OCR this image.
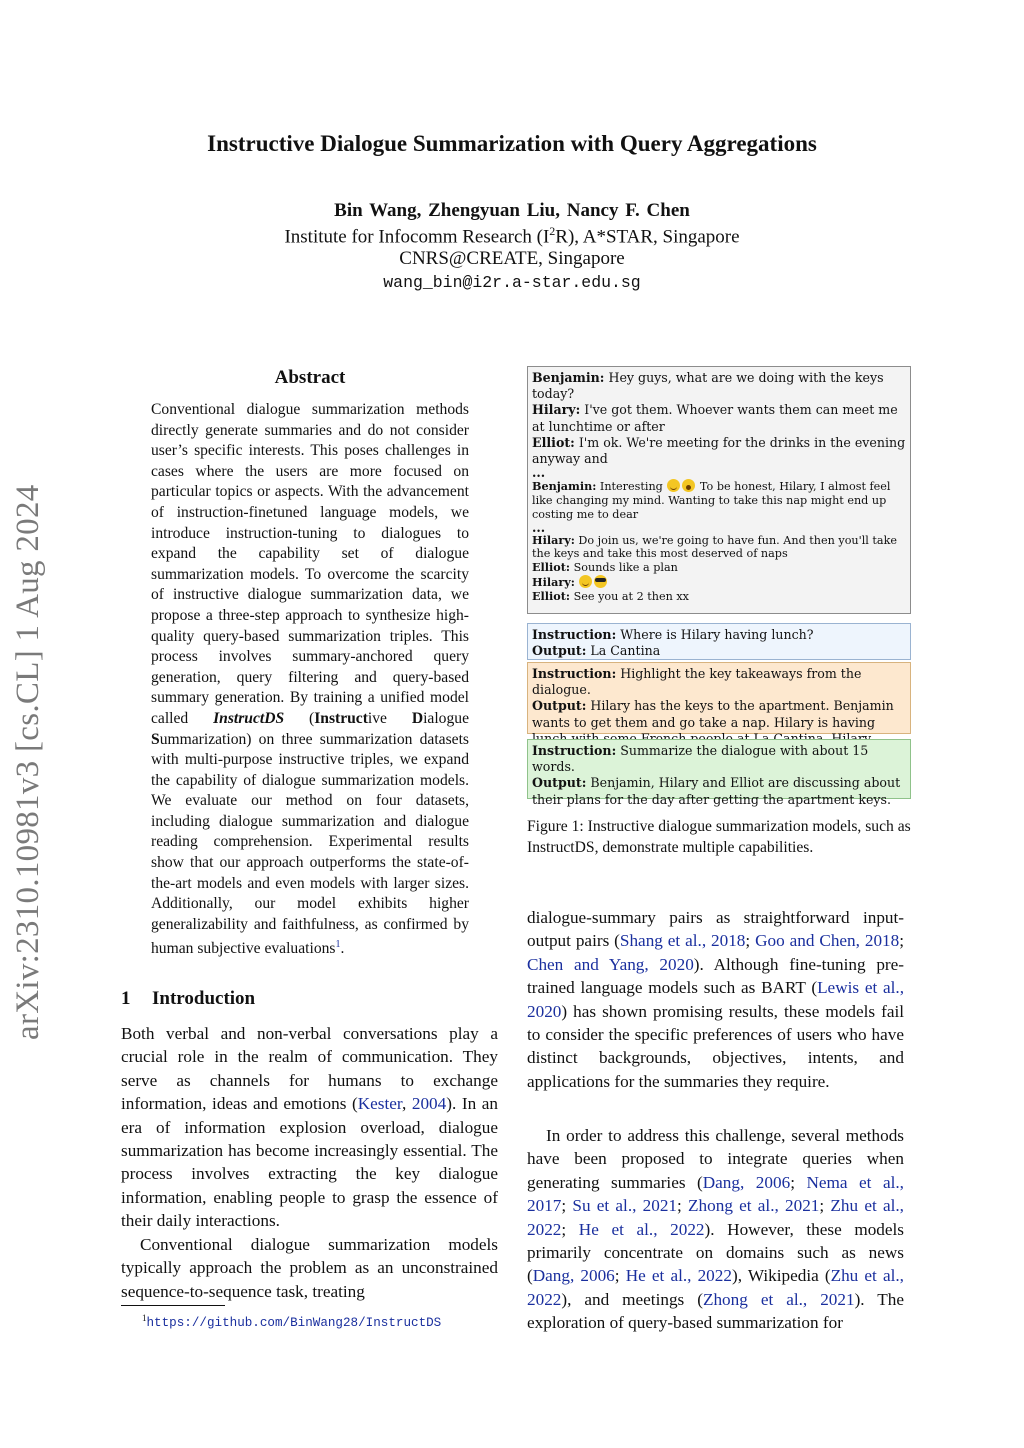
arXiv:2310.10981v3 [cs.CL] 1 Aug 2024
Instructive Dialogue Summarization with Query Aggregations
Bin Wang, Zhengyuan Liu, Nancy F. Chen
Institute for Infocomm Research $(I^2R)$, A*STAR, Singapore
CNRS@CREATE, Singapore
wang_bin@i2r.a-star.edu.sg
Abstract
Conventional dialogue summarization methods directly generate summaries and do not consider user’s specific interests. This poses challenges in cases where the users are more focused on particular topics or aspects. With the advancement of instruction-finetuned language models, we introduce instruction-tuning to dialogues to expand the capability set of dialogue summarization models. To overcome the scarcity of instructive dialogue summarization data, we propose a three-step approach to synthesize high-quality query-based summarization triples. This process involves summary-anchored query generation, query filtering and query-based summary generation. By training a unified model called InstructDS (Instructive Dialogue Summarization) on three summarization datasets with multi-purpose instructive triples, we expand the capability of dialogue summarization models. We evaluate our method on four datasets, including dialogue summarization and dialogue reading comprehension. Experimental results show that our approach outperforms the state-of-the-art models and even models with larger sizes. Additionally, our model exhibits higher generalizability and faithfulness, as confirmed by human subjective evaluations$^1$.
1 Introduction
Both verbal and non-verbal conversations play a crucial role in the realm of communication. They serve as channels for humans to exchange information, ideas and emotions (Kester, 2004). In an era of information explosion overload, dialogue summarization has become increasingly essential. The process involves extracting the key dialogue information, enabling people to grasp the essence of their daily interactions.
Conventional dialogue summarization models typically approach the problem as an unconstrained sequence-to-sequence task, treating
$^1$https://github.com/BinWang28/InstructDS
dialogue-summary pairs as straightforward input-output pairs (Shang et al., 2018; Goo and Chen, 2018; Chen and Yang, 2020). Although fine-tuning pre-trained language models such as BART (Lewis et al., 2020) has shown promising results, these models fail to consider the specific preferences of users who have distinct backgrounds, objectives, intents, and applications for the summaries they require.
In order to address this challenge, several methods have been proposed to integrate queries when generating summaries (Dang, 2006; Nema et al., 2017; Su et al., 2021; Zhong et al., 2021; Zhu et al., 2022; He et al., 2022). However, these models primarily concentrate on domains such as news (Dang, 2006; He et al., 2022), Wikipedia (Zhu et al., 2022), and meetings (Zhong et al., 2021). The exploration of query-based summarization for
Benjamin: Hey guys, what are we doing with the keys today?
Hilary: I've got them. Whoever wants them can meet me at lunchtime or after
Elliot: I'm ok. We're meeting for the drinks in the evening anyway and
...
Benjamin: Interesting	To be honest, Hilary, I almost feel like changing my mind. Wanting to take this nap might end up costing me to dear
...
Hilary: Do join us, we're going to have fun. And then you'll take the keys and take this most deserved of naps
Elliot: Sounds like a plan
Hilary:
Elliot: See you at 2 then xx
Instruction: Where is Hilary having lunch?
Output: La Cantina
Instruction: Highlight the key takeaways from the dialogue.
Output: Hilary has the keys to the apartment. Benjamin wants to get them and go take a nap. Hilary is having
Instruction: Summarize the dialogue with about 15 words.
Output: Benjamin, Hilary and Elliot are discussing about their plans for the day after getting the apartment keys.
Figure 1: Instructive dialogue summarization models, such as InstructDS, demonstrate multiple capabilities.
